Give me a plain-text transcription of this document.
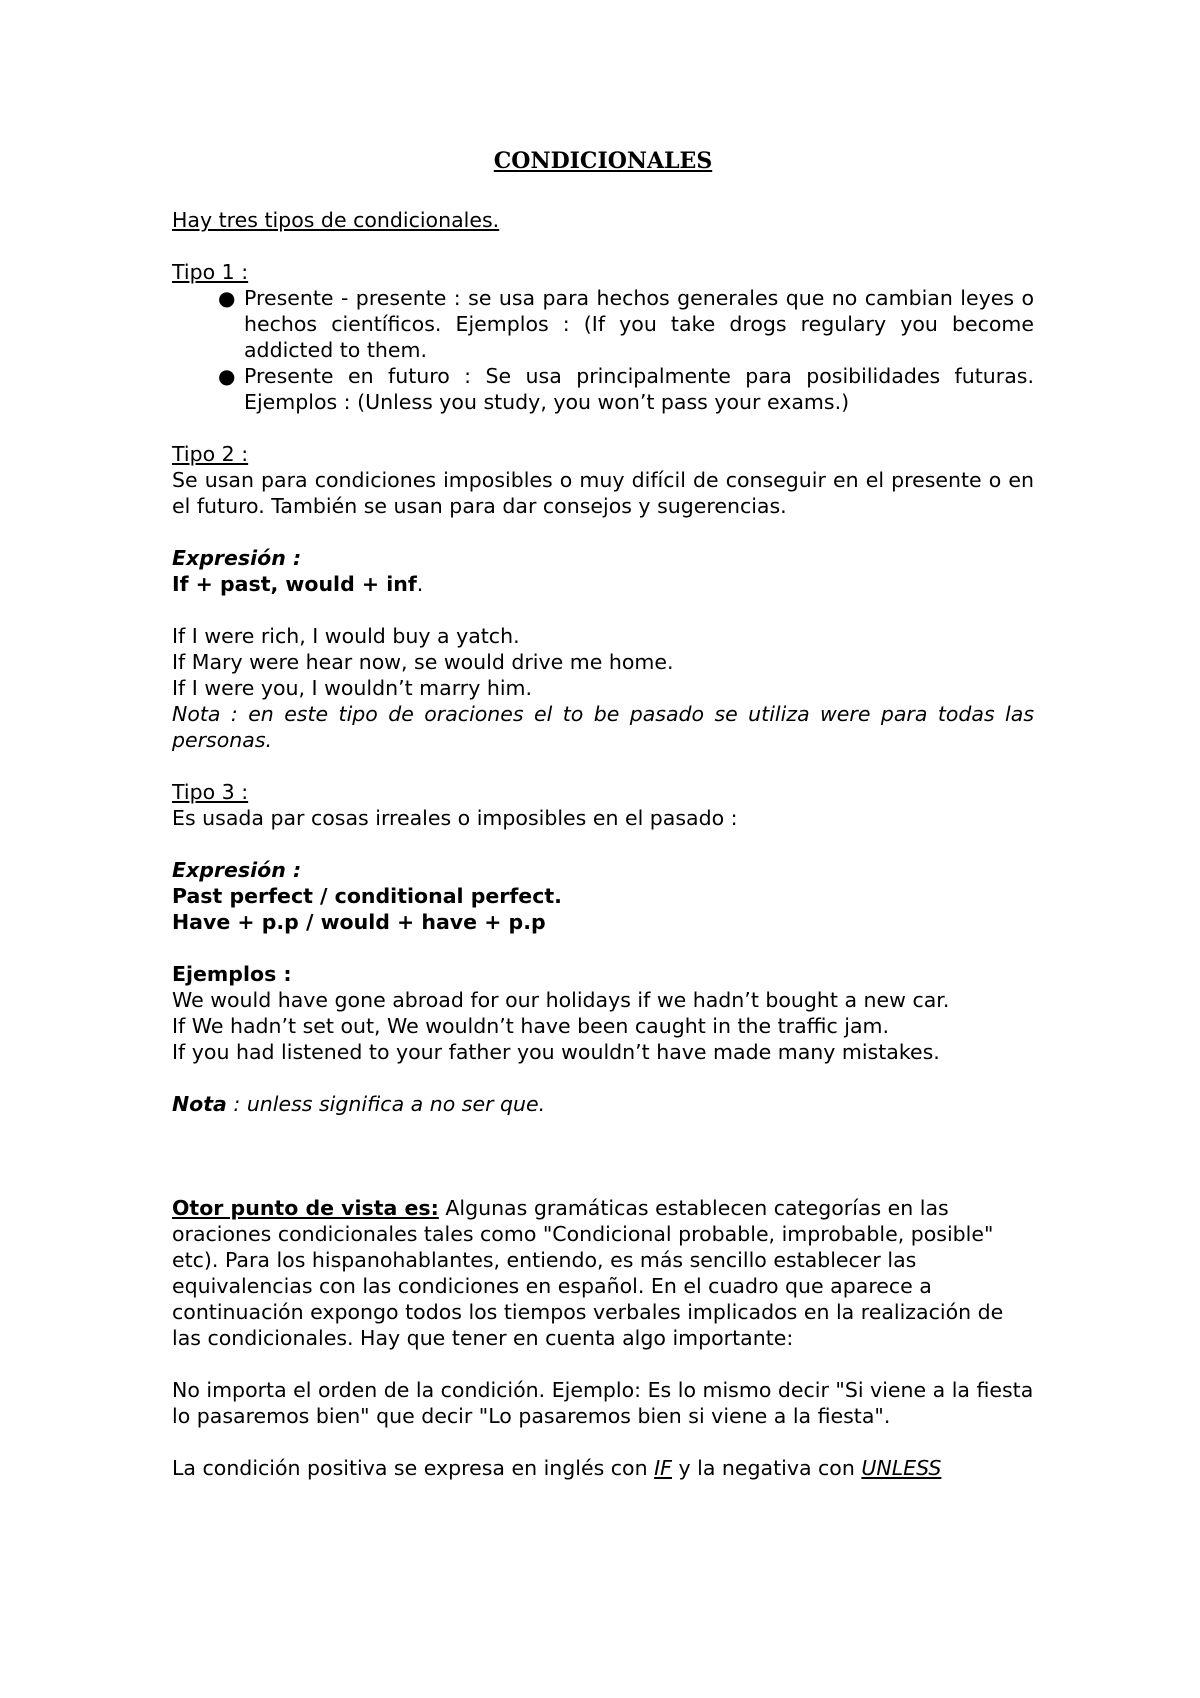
CONDICIONALES

Hay tres tipos de condicionales.

Tipo 1 :

● Presente - presente : se usa para hechos generales que no cambian leyes o hechos científicos. Ejemplos : (If you take drogs regulary you become addicted to them.
● Presente en futuro : Se usa principalmente para posibilidades futuras. Ejemplos : (Unless you study, you won’t pass your exams.)

Tipo 2 :

Se usan para condiciones imposibles o muy difícil de conseguir en el presente o en el futuro. También se usan para dar consejos y sugerencias.

Expresión :

If + past, would + inf.

If I were rich, I would buy a yatch.

If Mary were hear now, se would drive me home.

If I were you, I wouldn’t marry him.

Nota : en este tipo de oraciones el to be pasado se utiliza were para todas las personas.

Tipo 3 :

Es usada par cosas irreales o imposibles en el pasado :

Expresión :

Past perfect / conditional perfect.

Have + p.p / would + have + p.p

Ejemplos :

We would have gone abroad for our holidays if we hadn’t bought a new car.

If We hadn’t set out, We wouldn’t have been caught in the traffic jam.

If you had listened to your father you wouldn’t have made many mistakes.

Nota : unless significa a no ser que.

Otor punto de vista es: Algunas gramáticas establecen categorías en las oraciones condicionales tales como "Condicional probable, improbable, posible" etc). Para los hispanohablantes, entiendo, es más sencillo establecer las equivalencias con las condiciones en español. En el cuadro que aparece a continuación expongo todos los tiempos verbales implicados en la realización de las condicionales. Hay que tener en cuenta algo importante:

No importa el orden de la condición. Ejemplo: Es lo mismo decir "Si viene a la fiesta lo pasaremos bien" que decir "Lo pasaremos bien si viene a la fiesta".

La condición positiva se expresa en inglés con IF y la negativa con UNLESS
